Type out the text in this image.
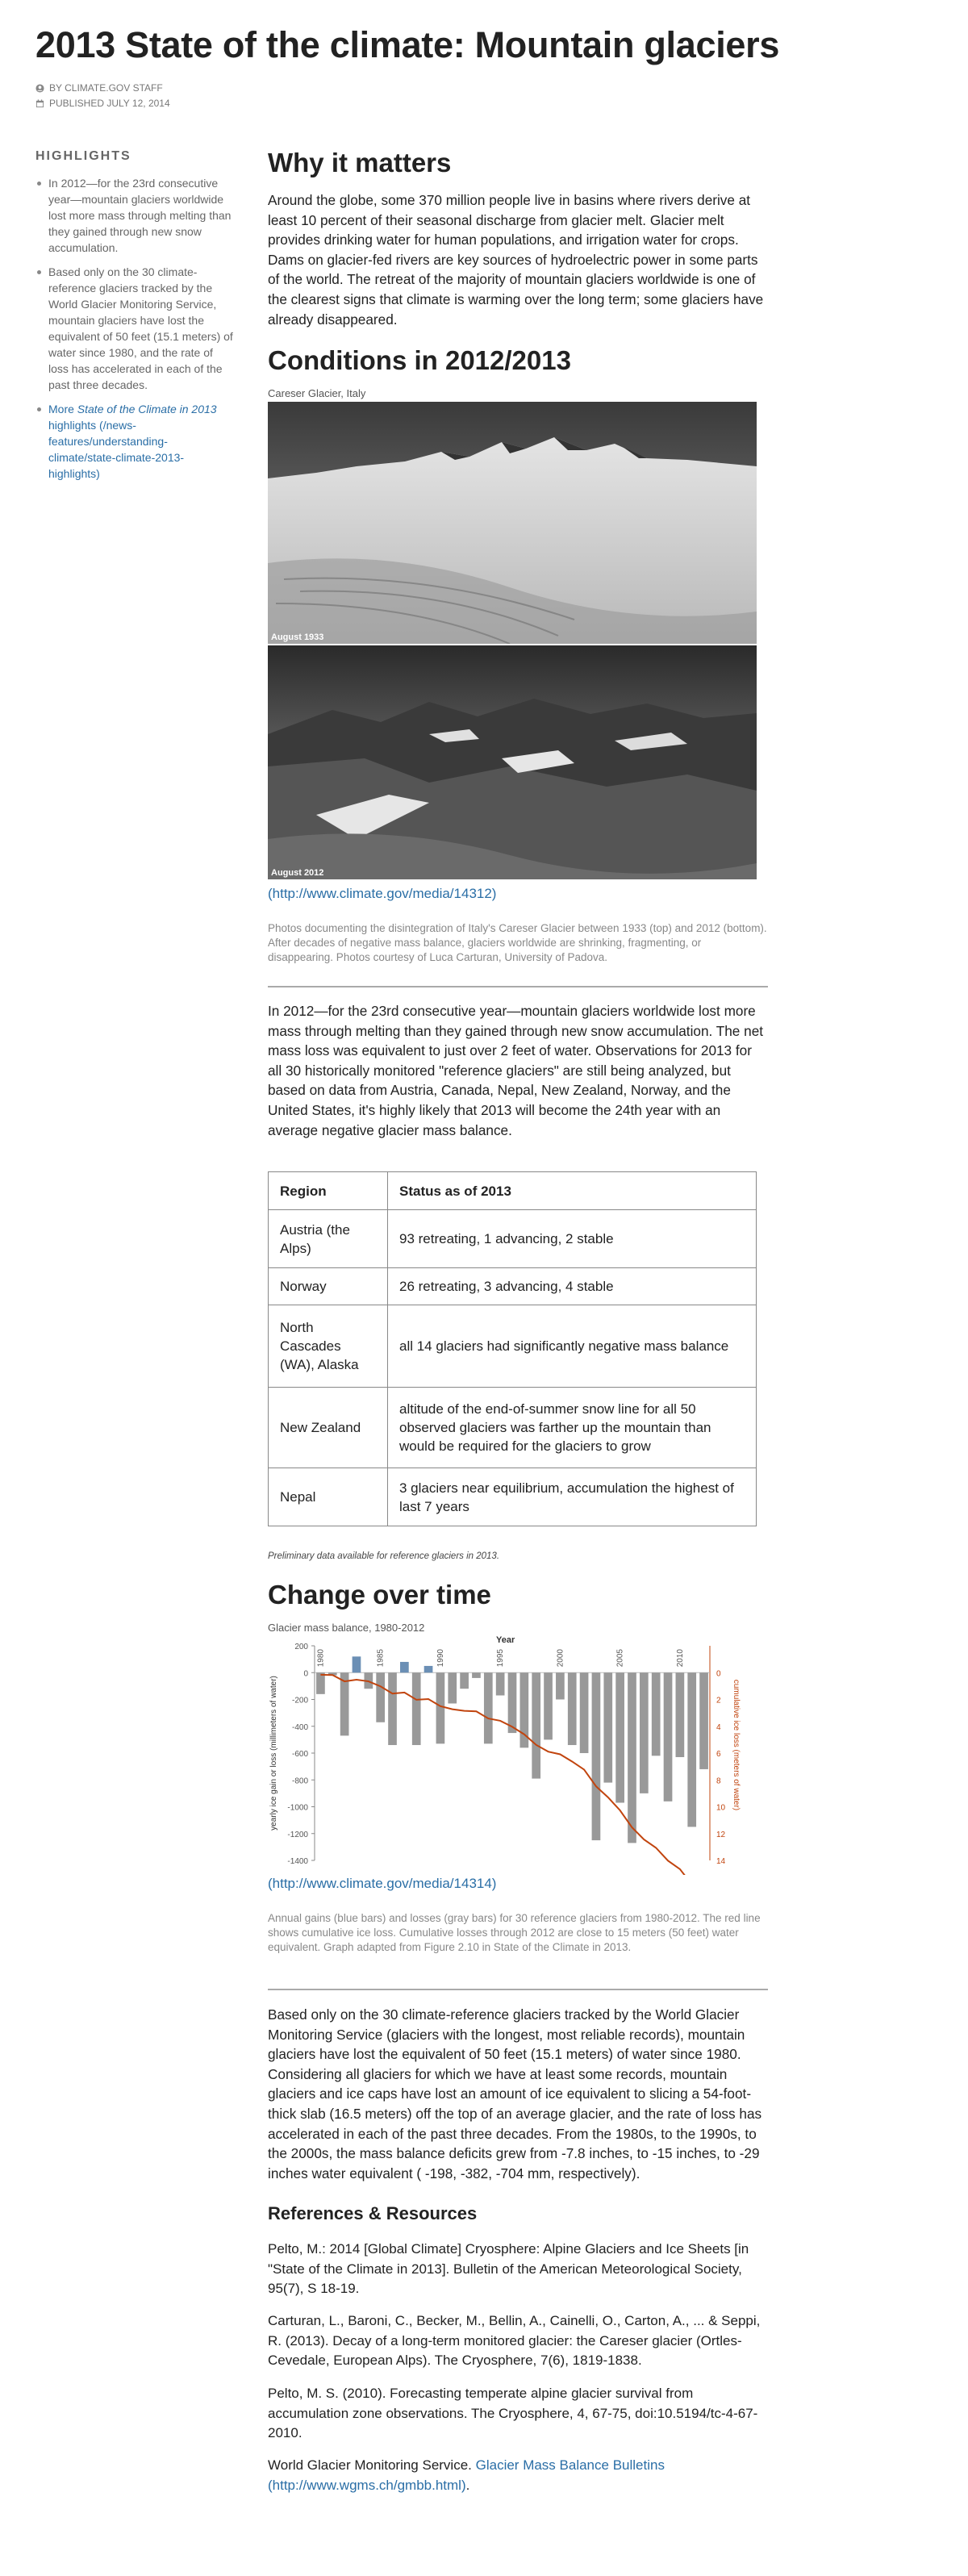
2013 State of the climate: Mountain glaciers
BY CLIMATE.GOV STAFF
PUBLISHED JULY 12, 2014
HIGHLIGHTS
In 2012—for the 23rd consecutive year—mountain glaciers worldwide lost more mass through melting than they gained through new snow accumulation.
Based only on the 30 climate-reference glaciers tracked by the World Glacier Monitoring Service, mountain glaciers have lost the equivalent of 50 feet (15.1 meters) of water since 1980, and the rate of loss has accelerated in each of the past three decades.
More State of the Climate in 2013 highlights (/news-features/understanding-climate/state-climate-2013-highlights)
Why it matters

Around the globe, some 370 million people live in basins where rivers derive at least 10 percent of their seasonal discharge from glacier melt. Glacier melt provides drinking water for human populations, and irrigation water for crops. Dams on glacier-fed rivers are key sources of hydroelectric power in some parts of the world. The retreat of the majority of mountain glaciers worldwide is one of the clearest signs that climate is warming over the long term; some glaciers have already disappeared.

Conditions in 2012/2013
Careser Glacier, Italy
August 1933
August 2012
(http://www.climate.gov/media/14312)

Photos documenting the disintegration of Italy's Careser Glacier between 1933 (top) and 2012 (bottom). After decades of negative mass balance, glaciers worldwide are shrinking, fragmenting, or disappearing. Photos courtesy of Luca Carturan, University of Padova.

In 2012—for the 23rd consecutive year—mountain glaciers worldwide lost more mass through melting than they gained through new snow accumulation. The net mass loss was equivalent to just over 2 feet of water. Observations for 2013 for all 30 historically monitored "reference glaciers" are still being analyzed, but based on data from Austria, Canada, Nepal, New Zealand, Norway, and the United States, it's highly likely that 2013 will become the 24th year with an average negative glacier mass balance.

Region	Status as of 2013
Austria (the Alps)	93 retreating, 1 advancing, 2 stable
Norway	26 retreating, 3 advancing, 4 stable
North Cascades (WA), Alaska	all 14 glaciers had significantly negative mass balance
New Zealand	altitude of the end-of-summer snow line for all 50 observed glaciers was farther up the mountain than would be required for the glaciers to grow
Nepal	3 glaciers near equilibrium, accumulation the highest of last 7 years
Preliminary data available for reference glaciers in 2013.
Change over time
Glacier mass balance, 1980-2012
200
0
-200
-400
-600
-800
-1000
-1200
-1400
0
2
4
6
8
10
12
14
1980	1985	1990	1995	2000	2005	2010
Year
yearly ice gain or loss (millimeters of water)	cumulative ice loss (meters of water)
(http://www.climate.gov/media/14314)

Annual gains (blue bars) and losses (gray bars) for 30 reference glaciers from 1980-2012. The red line shows cumulative ice loss. Cumulative losses through 2012 are close to 15 meters (50 feet) water equivalent. Graph adapted from Figure 2.10 in State of the Climate in 2013.

Based only on the 30 climate-reference glaciers tracked by the World Glacier Monitoring Service (glaciers with the longest, most reliable records), mountain glaciers have lost the equivalent of 50 feet (15.1 meters) of water since 1980. Considering all glaciers for which we have at least some records, mountain glaciers and ice caps have lost an amount of ice equivalent to slicing a 54-foot-thick slab (16.5 meters) off the top of an average glacier, and the rate of loss has accelerated in each of the past three decades. From the 1980s, to the 1990s, to the 2000s, the mass balance deficits grew from -7.8 inches, to -15 inches, to -29 inches water equivalent ( -198, -382, -704 mm, respectively).

References & Resources

Pelto, M.: 2014 [Global Climate] Cryosphere: Alpine Glaciers and Ice Sheets [in "State of the Climate in 2013]. Bulletin of the American Meteorological Society, 95(7), S 18-19.

Carturan, L., Baroni, C., Becker, M., Bellin, A., Cainelli, O., Carton, A., ... & Seppi, R. (2013). Decay of a long-term monitored glacier: the Careser glacier (Ortles-Cevedale, European Alps). The Cryosphere, 7(6), 1819-1838.

Pelto, M. S. (2010). Forecasting temperate alpine glacier survival from accumulation zone observations. The Cryosphere, 4, 67-75, doi:10.5194/tc-4-67-2010.

World Glacier Monitoring Service. Glacier Mass Balance Bulletins (http://www.wgms.ch/gmbb.html).
